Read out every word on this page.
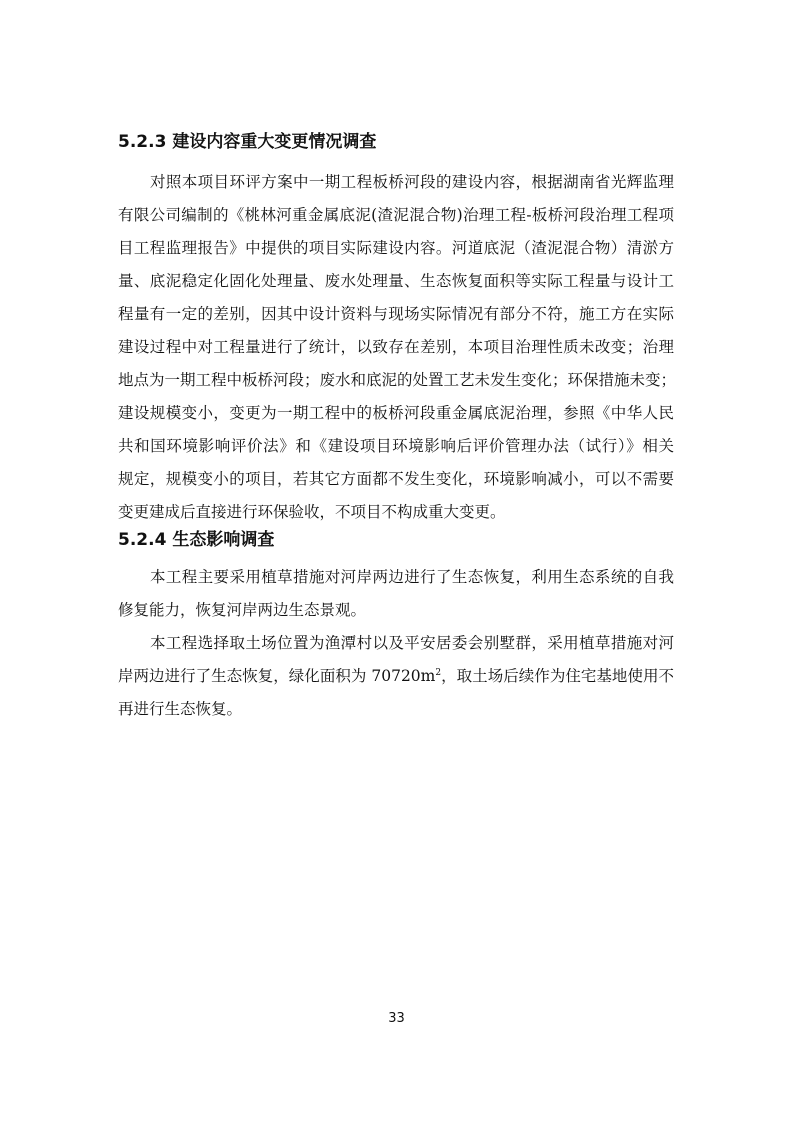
5.2.3 建设内容重大变更情况调查

对照本项目环评方案中一期工程板桥河段的建设内容，根据湖南省光辉监理

有限公司编制的《桃林河重金属底泥(渣泥混合物)治理工程-板桥河段治理工程项

目工程监理报告》中提供的项目实际建设内容。河道底泥（渣泥混合物）清淤方

量、底泥稳定化固化处理量、废水处理量、生态恢复面积等实际工程量与设计工

程量有一定的差别，因其中设计资料与现场实际情况有部分不符，施工方在实际

建设过程中对工程量进行了统计，以致存在差别，本项目治理性质未改变；治理

地点为一期工程中板桥河段；废水和底泥的处置工艺未发生变化；环保措施未变；

建设规模变小，变更为一期工程中的板桥河段重金属底泥治理，参照《中华人民

共和国环境影响评价法》和《建设项目环境影响后评价管理办法（试行）》相关

规定，规模变小的项目，若其它方面都不发生变化，环境影响减小，可以不需要

变更建成后直接进行环保验收，不项目不构成重大变更。

5.2.4 生态影响调查

本工程主要采用植草措施对河岸两边进行了生态恢复，利用生态系统的自我

修复能力，恢复河岸两边生态景观。

本工程选择取土场位置为渔潭村以及平安居委会别墅群，采用植草措施对河

岸两边进行了生态恢复，绿化面积为 $70720m^2$，取土场后续作为住宅基地使用不

再进行生态恢复。

33
